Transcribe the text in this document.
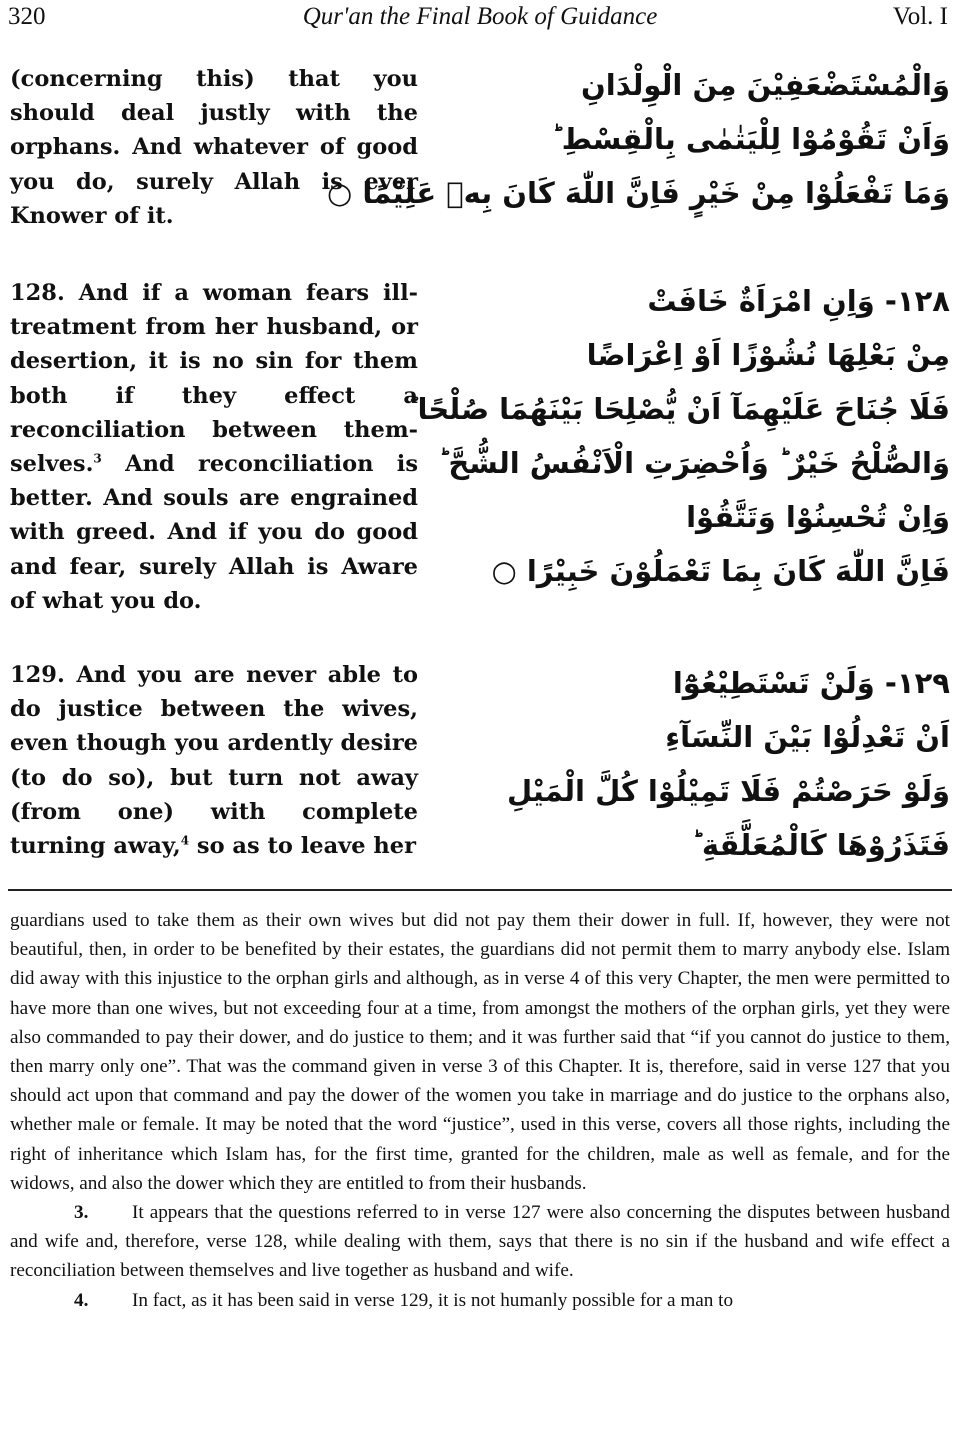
320	Qur'an the Final Book of Guidance	Vol. I

(concerning this) that you should deal justly with the orphans. And whatever of good you do, surely Allah is ever Knower of it.

وَالْمُسْتَضْعَفِيْنَ مِنَ الْوِلْدَانِ
وَاَنْ تَقُوْمُوْا لِلْيَتٰمٰى بِالْقِسْطِ ؕ
وَمَا تَفْعَلُوْا مِنْ خَيْرٍ فَاِنَّ اللّٰهَ كَانَ بِهٖ عَلِيْمًا ○

128. And if a woman fears ill-treatment from her husband, or desertion, it is no sin for them both if they effect a reconciliation between them-selves.$^3$ And reconciliation is better. And souls are engrained with greed. And if you do good and fear, surely Allah is Aware of what you do.

١٢٨- وَاِنِ امْرَاَةٌ خَافَتْ
مِنْ بَعْلِهَا نُشُوْزًا اَوْ اِعْرَاضًا
فَلَا جُنَاحَ عَلَيْهِمَآ اَنْ يُّصْلِحَا بَيْنَهُمَا صُلْحًا ؕ
وَالصُّلْحُ خَيْرٌ ؕ وَاُحْضِرَتِ الْاَنْفُسُ الشُّحَّ ؕ
وَاِنْ تُحْسِنُوْا وَتَتَّقُوْا
فَاِنَّ اللّٰهَ كَانَ بِمَا تَعْمَلُوْنَ خَبِيْرًا ○

129. And you are never able to do justice between the wives, even though you ardently desire (to do so), but turn not away (from one) with complete turning away,$^4$ so as to leave her

١٢٩- وَلَنْ تَسْتَطِيْعُوْٓا
اَنْ تَعْدِلُوْا بَيْنَ النِّسَآءِ
وَلَوْ حَرَصْتُمْ فَلَا تَمِيْلُوْا كُلَّ الْمَيْلِ
فَتَذَرُوْهَا كَالْمُعَلَّقَةِ ؕ

guardians used to take them as their own wives but did not pay them their dower in full. If, however, they were not beautiful, then, in order to be benefited by their estates, the guardians did not permit them to marry anybody else. Islam did away with this injustice to the orphan girls and although, as in verse 4 of this very Chapter, the men were permitted to have more than one wives, but not exceeding four at a time, from amongst the mothers of the orphan girls, yet they were also commanded to pay their dower, and do justice to them; and it was further said that “if you cannot do justice to them, then marry only one”. That was the command given in verse 3 of this Chapter. It is, therefore, said in verse 127 that you should act upon that command and pay the dower of the women you take in marriage and do justice to the orphans also, whether male or female. It may be noted that the word “justice”, used in this verse, covers all those rights, including the right of inheritance which Islam has, for the first time, granted for the children, male as well as female, and for the widows, and also the dower which they are entitled to from their husbands.

3. It appears that the questions referred to in verse 127 were also concerning the disputes between husband and wife and, therefore, verse 128, while dealing with them, says that there is no sin if the husband and wife effect a reconciliation between themselves and live together as husband and wife.

4. In fact, as it has been said in verse 129, it is not humanly possible for a man to
